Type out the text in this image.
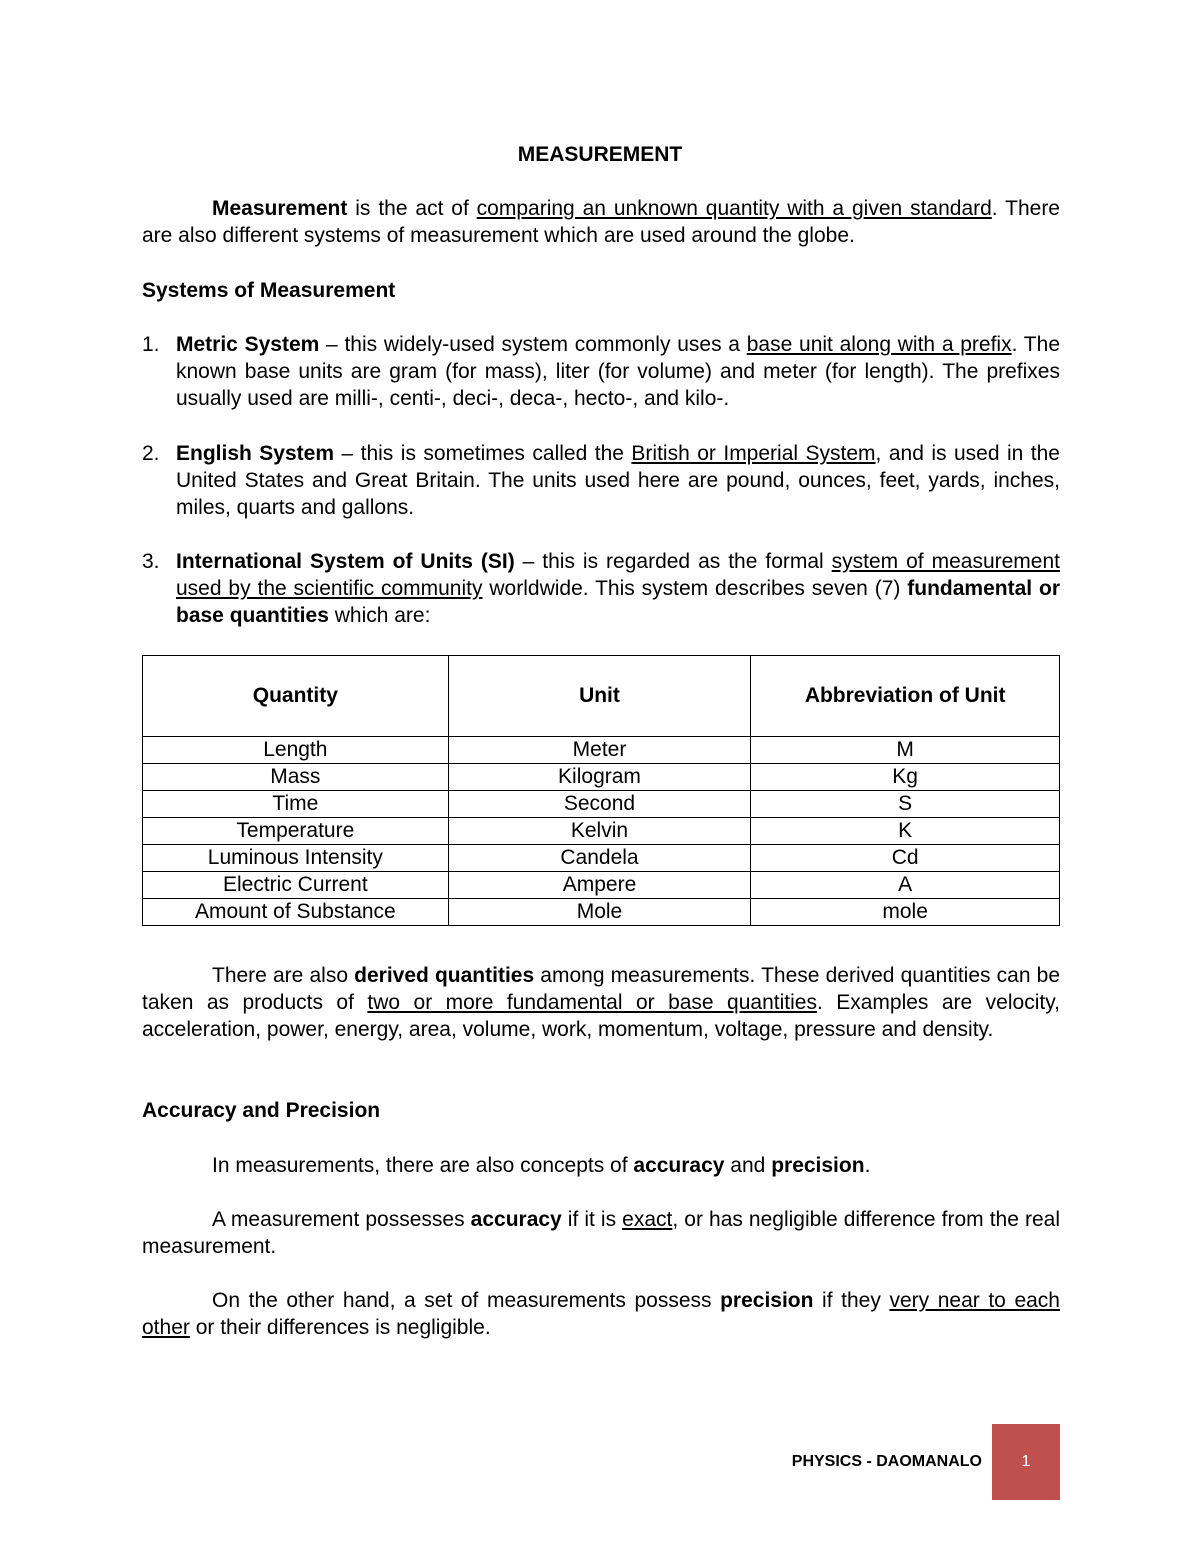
MEASUREMENT
Measurement is the act of comparing an unknown quantity with a given standard. There are also different systems of measurement which are used around the globe.
Systems of Measurement
1. Metric System – this widely-used system commonly uses a base unit along with a prefix. The known base units are gram (for mass), liter (for volume) and meter (for length). The prefixes usually used are milli-, centi-, deci-, deca-, hecto-, and kilo-.
2. English System – this is sometimes called the British or Imperial System, and is used in the United States and Great Britain. The units used here are pound, ounces, feet, yards, inches, miles, quarts and gallons.
3. International System of Units (SI) – this is regarded as the formal system of measurement used by the scientific community worldwide. This system describes seven (7) fundamental or base quantities which are:
Quantity	Unit	Abbreviation of Unit
Length	Meter	M
Mass	Kilogram	Kg
Time	Second	S
Temperature	Kelvin	K
Luminous Intensity	Candela	Cd
Electric Current	Ampere	A
Amount of Substance	Mole	mole
There are also derived quantities among measurements. These derived quantities can be taken as products of two or more fundamental or base quantities. Examples are velocity, acceleration, power, energy, area, volume, work, momentum, voltage, pressure and density.
Accuracy and Precision
In measurements, there are also concepts of accuracy and precision.
A measurement possesses accuracy if it is exact, or has negligible difference from the real measurement.
On the other hand, a set of measurements possess precision if they very near to each other or their differences is negligible.
PHYSICS - DAOMANALO 1
